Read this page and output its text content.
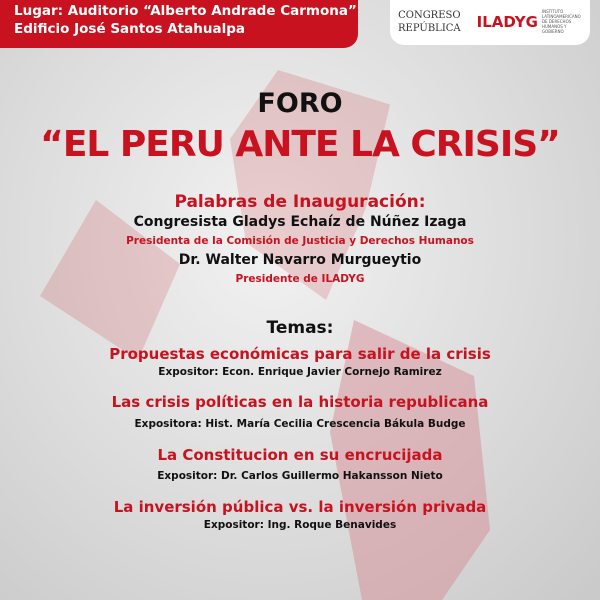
Lugar: Auditorio “Alberto Andrade Carmona”
Edificio José Santos Atahualpa
CONGRESO
REPÚBLICA ILADYG
INSTITUTO LATINOAMERICANO DE DERECHOS HUMANOS Y GOBIERNO
FORO
“EL PERU ANTE LA CRISIS”
Palabras de Inauguración:
Congresista Gladys Echaíz de Núñez Izaga
Presidenta de la Comisión de Justicia y Derechos Humanos
Dr. Walter Navarro Murgueytio
Presidente de ILADYG
Temas:
Propuestas económicas para salir de la crisis
Expositor: Econ. Enrique Javier Cornejo Ramirez
Las crisis políticas en la historia republicana
Expositora: Hist. María Cecilia Crescencia Bákula Budge
La Constitucion en su encrucijada
Expositor: Dr. Carlos Guillermo Hakansson Nieto
La inversión pública vs. la inversión privada
Expositor: Ing. Roque Benavides
